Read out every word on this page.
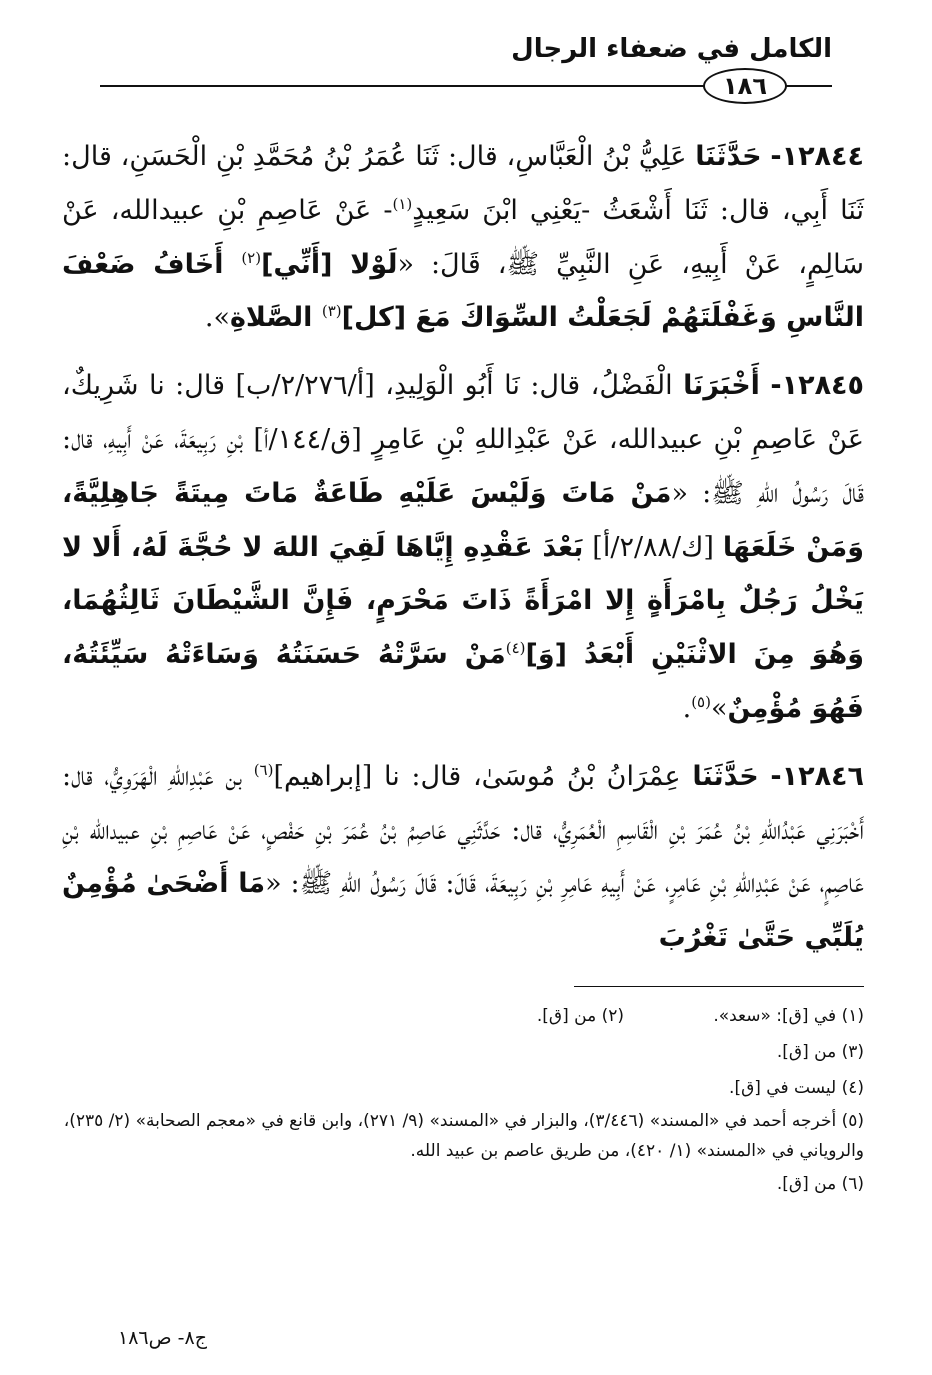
الكامل في ضعفاء الرجال
١٨٦

١٢٨٤٤- حَدَّثَنَا عَلِيُّ بْنُ الْعَبَّاسِ، قال: ثَنَا عُمَرُ بْنُ مُحَمَّدِ بْنِ الْحَسَنِ، قال: ثَنَا أَبِي، قال: ثَنَا أَشْعَثُ -يَعْنِي ابْنَ سَعِيدٍ$^{(١)}$- عَنْ عَاصِمِ بْنِ عبيدالله، عَنْ سَالِمٍ، عَنْ أَبِيهِ، عَنِ النَّبِيِّ ﷺ، قَالَ: «لَوْلا [أَنِّي]$^{(٢)}$ أَخَافُ ضَعْفَ النَّاسِ وَغَفْلَتَهُمْ لَجَعَلْتُ السِّوَاكَ مَعَ [كل]$^{(٣)}$ الصَّلاةِ».

١٢٨٤٥- أَخْبَرَنَا الْفَضْلُ، قال: نَا أَبُو الْوَلِيدِ، [أ/٢/٢٧٦/ب] قال: نا شَرِيكٌ، عَنْ عَاصِمِ بْنِ عبيدالله، عَنْ عَبْدِاللهِ بْنِ عَامِرٍ [ق/١٤٤/أ] بْنِ رَبِيعَةَ، عَنْ أَبِيهِ، قال: قَالَ رَسُولُ اللهِ ﷺ: «مَنْ مَاتَ وَلَيْسَ عَلَيْهِ طَاعَةٌ مَاتَ مِيتَةً جَاهِلِيَّةً، وَمَنْ خَلَعَهَا [ك/٢/٨٨/أ] بَعْدَ عَقْدِهِ إِيَّاهَا لَقِيَ اللهَ لا حُجَّةَ لَهُ، أَلا لا يَخْلُ رَجُلٌ بِامْرَأَةٍ إِلا امْرَأَةً ذَاتَ مَحْرَمٍ، فَإِنَّ الشَّيْطَانَ ثَالِثُهُمَا، وَهُوَ مِنَ الاثْنَيْنِ أَبْعَدُ [وَ]$^{(٤)}$مَنْ سَرَّتْهُ حَسَنَتُهُ وَسَاءَتْهُ سَيِّئَتُهُ، فَهُوَ مُؤْمِنٌ»$^{(٥)}$.

١٢٨٤٦- حَدَّثَنَا عِمْرَانُ بْنُ مُوسَىٰ، قال: نا [إبراهيم]$^{(٦)}$ بن عَبْدِاللهِ الْهَرَوِيُّ، قال: أَخْبَرَنِي عَبْدُاللهِ بْنُ عُمَرَ بْنِ الْقَاسِمِ الْعُمَرِيُّ، قال: حَدَّثَنِي عَاصِمُ بْنُ عُمَرَ بْنِ حَفْصٍ، عَنْ عَاصِمِ بْنِ عبيدالله بْنِ عَاصِمٍ، عَنْ عَبْدِاللهِ بْنِ عَامِرٍ، عَنْ أَبِيهِ عَامِرِ بْنِ رَبِيعَةَ، قَالَ: قَالَ رَسُولُ اللهِ ﷺ: «مَا أَضْحَىٰ مُؤْمِنٌ يُلَبِّي حَتَّىٰ تَغْرُبَ

(١) في [ق]: «سعد».
(٢) من [ق].

(٣) من [ق].

(٤) ليست في [ق].

(٥) أخرجه أحمد في «المسند» (٣/٤٤٦)، والبزار في «المسند» (٩/ ٢٧١)، وابن قانع في «معجم الصحابة» (٢/ ٢٣٥)، والروياني في «المسند» (١/ ٤٢٠)، من طريق عاصم بن عبيد الله.

(٦) من [ق].

ج٨- ص١٨٦
